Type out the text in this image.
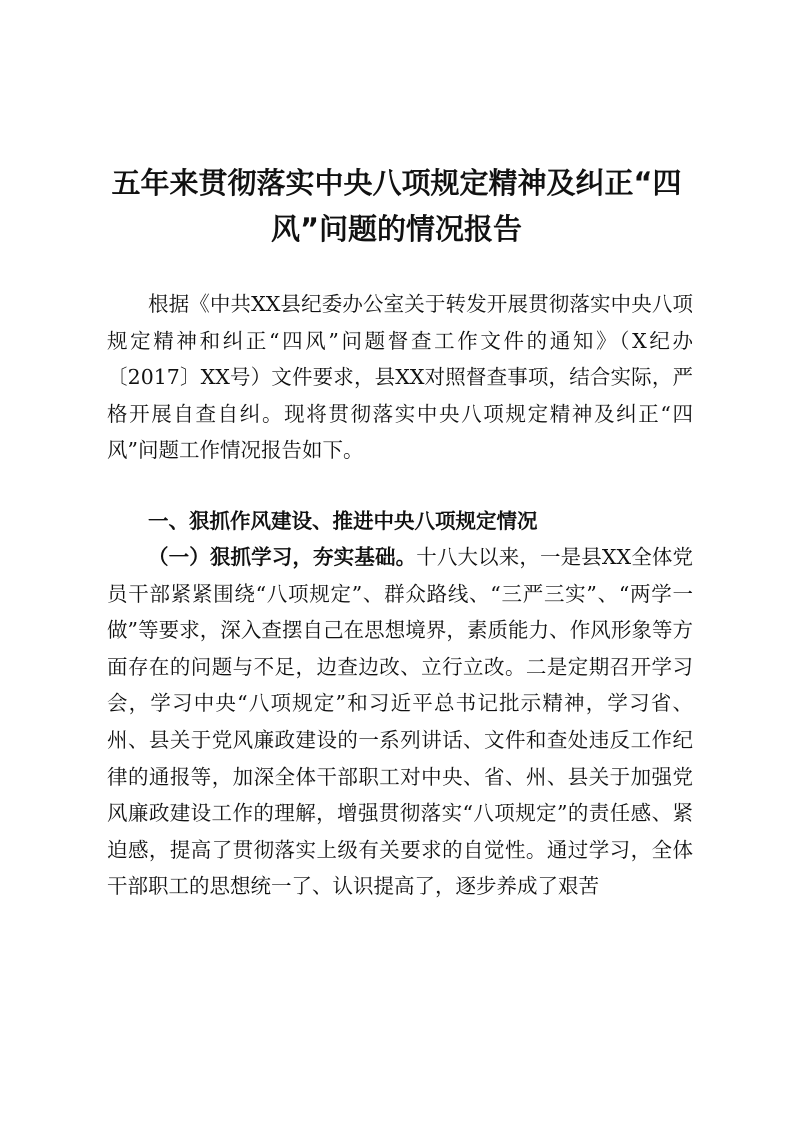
五年来贯彻落实中央八项规定精神及纠正“四风”问题的情况报告

根据《中共XX县纪委办公室关于转发开展贯彻落实中央八项规定精神和纠正“四风”问题督查工作文件的通知》（X纪办〔2017〕XX号）文件要求，县XX对照督查事项，结合实际，严格开展自查自纠。现将贯彻落实中央八项规定精神及纠正“四风”问题工作情况报告如下。

一、狠抓作风建设、推进中央八项规定情况

（一）狠抓学习，夯实基础。十八大以来，一是县XX全体党员干部紧紧围绕“八项规定”、群众路线、“三严三实”、“两学一做”等要求，深入查摆自己在思想境界，素质能力、作风形象等方面存在的问题与不足，边查边改、立行立改。二是定期召开学习会，学习中央“八项规定”和习近平总书记批示精神，学习省、州、县关于党风廉政建设的一系列讲话、文件和查处违反工作纪律的通报等，加深全体干部职工对中央、省、州、县关于加强党风廉政建设工作的理解，增强贯彻落实“八项规定”的责任感、紧迫感，提高了贯彻落实上级有关要求的自觉性。通过学习，全体干部职工的思想统一了、认识提高了，逐步养成了艰苦
